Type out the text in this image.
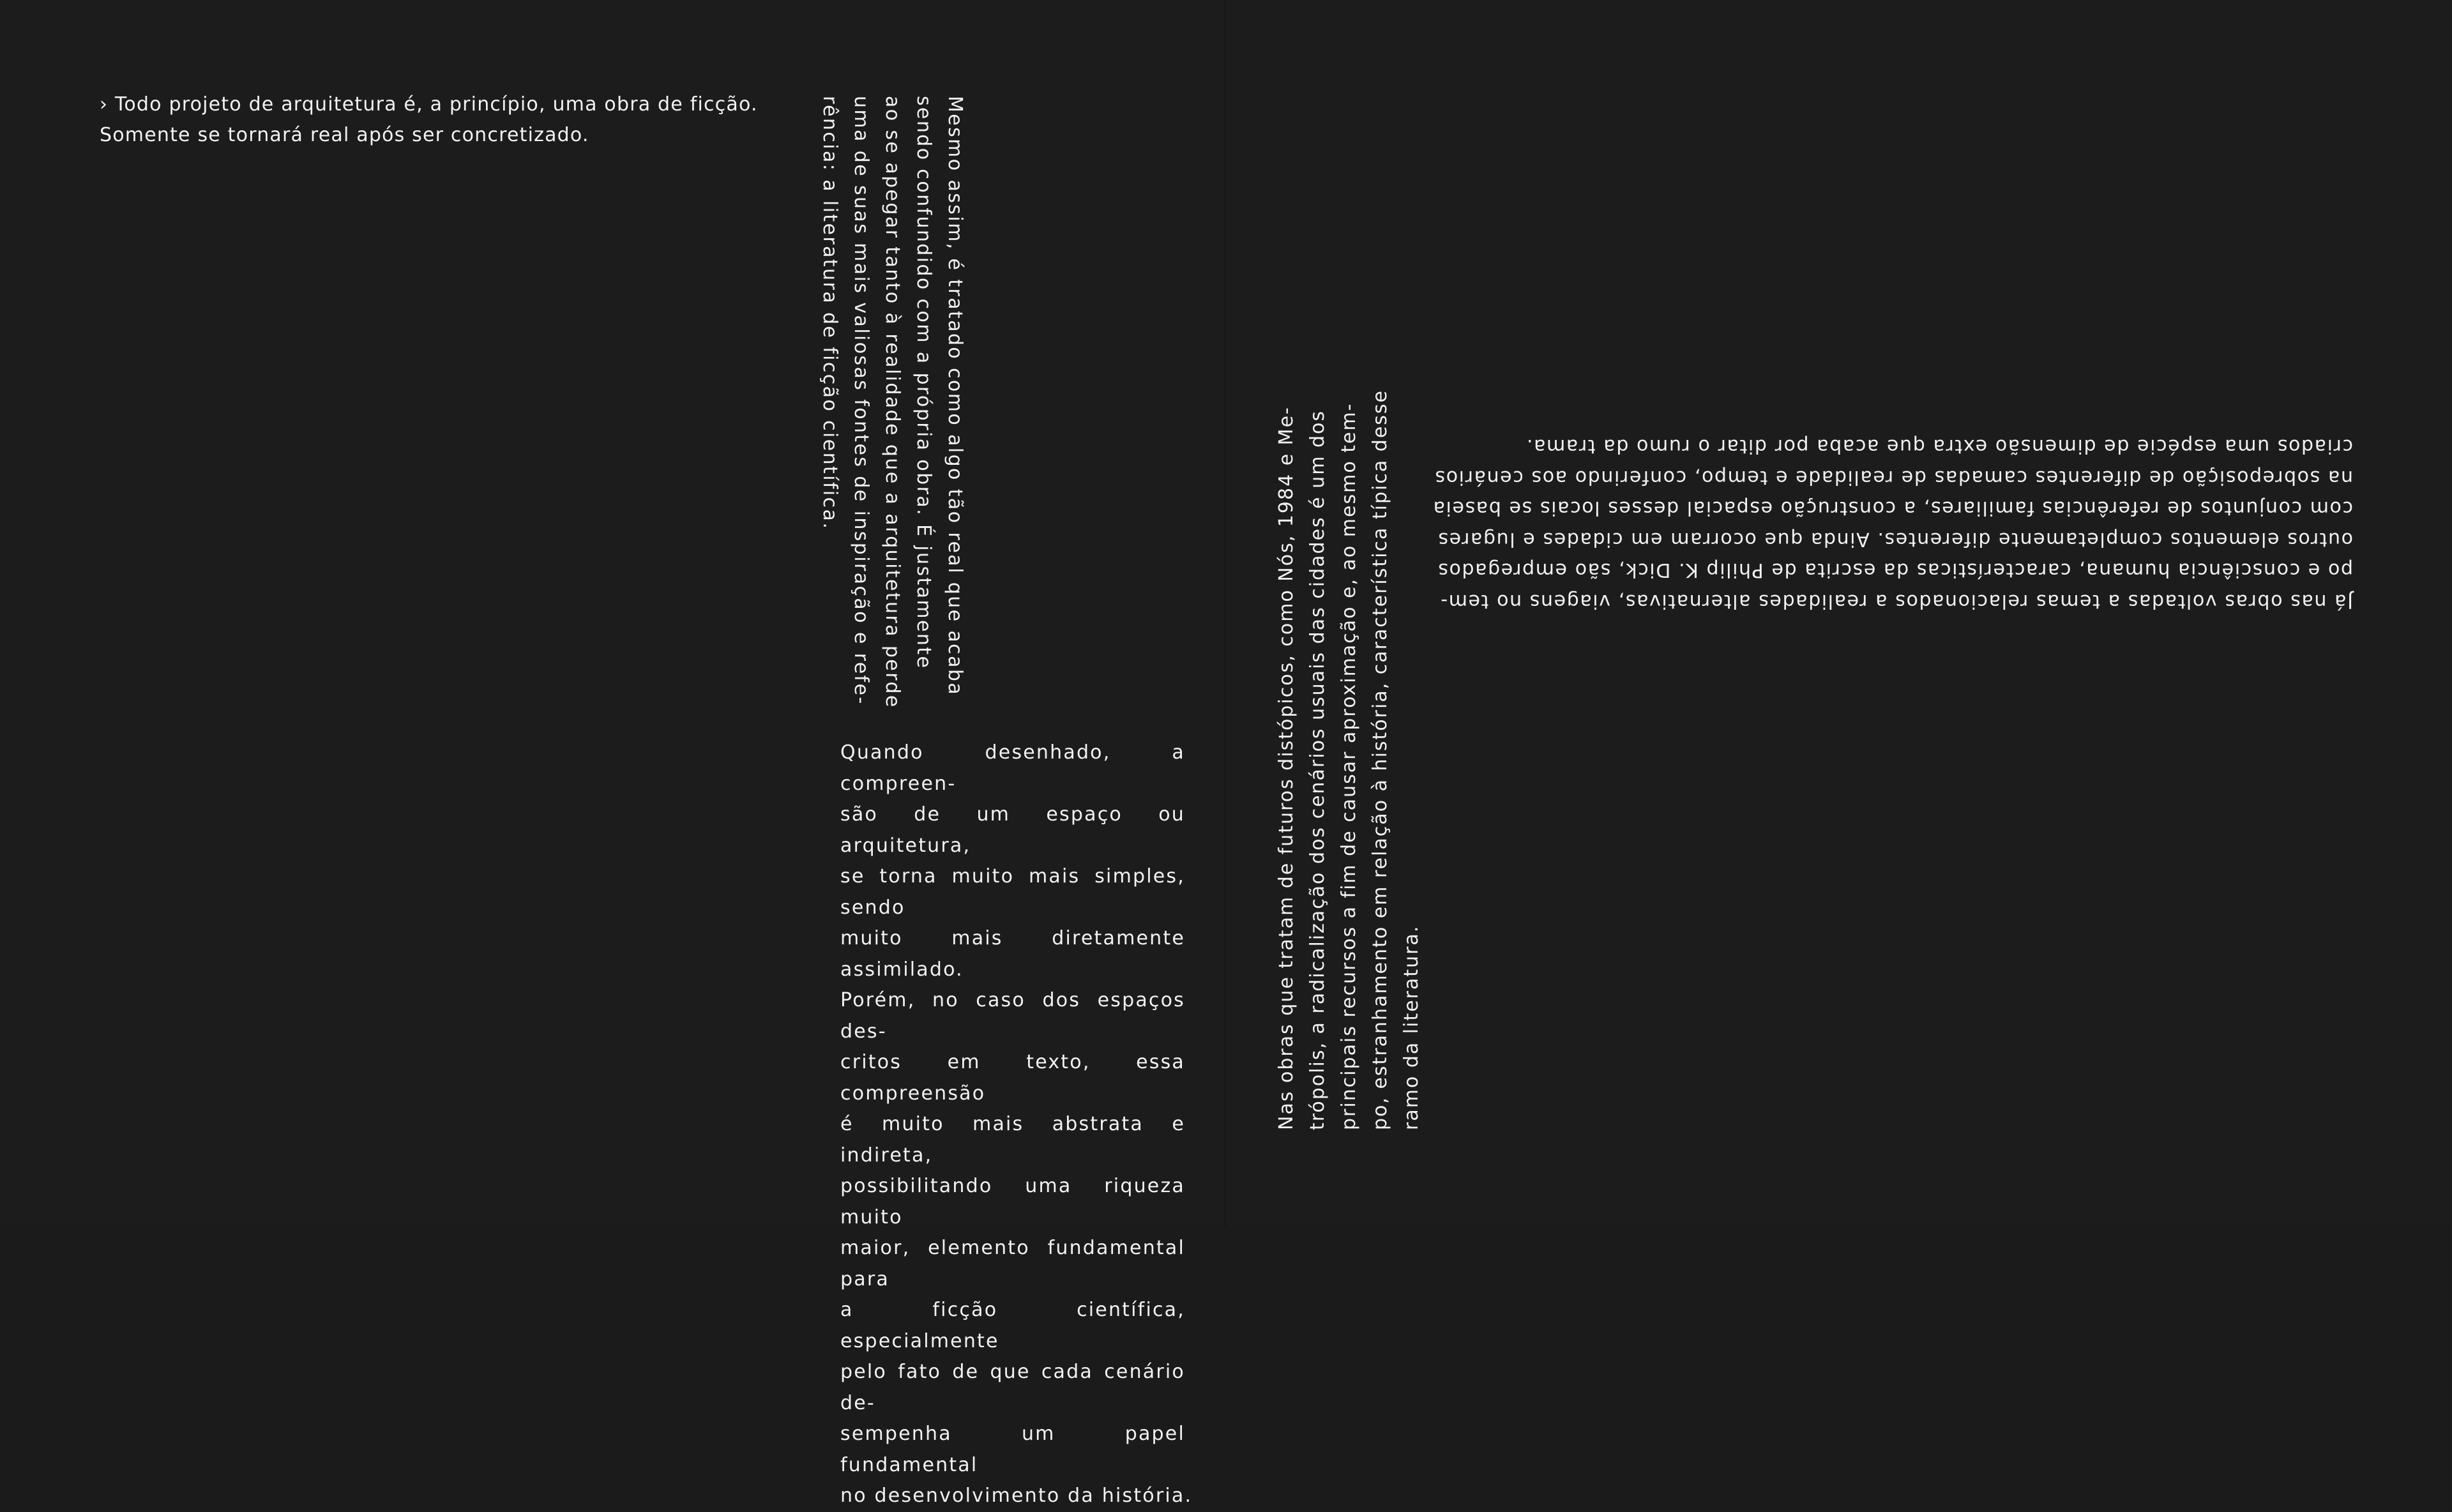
› Todo projeto de arquitetura é, a princípio, uma obra de ficção.

Somente se tornará real após ser concretizado.	Mesmo assim, é tratado como algo tão real que acaba

sendo confundido com a própria obra. É justamente

ao se apegar tanto à realidade que a arquitetura perde

uma de suas mais valiosas fontes de inspiração e refe-

rência: a literatura de ficção científica.

Quando desenhado, a compreen-

são de um espaço ou arquitetura,

se torna muito mais simples, sendo

muito mais diretamente assimilado.

Porém, no caso dos espaços des-

critos em texto, essa compreensão

é muito mais abstrata e indireta,

possibilitando uma riqueza muito

maior, elemento fundamental para

a ficção científica, especialmente

pelo fato de que cada cenário de-

sempenha um papel fundamental

no desenvolvimento da história.

Nas obras que tratam de futuros distópicos, como Nós, 1984 e Me- trópolis, a radicalização dos cenários usuais das cidades é um dos principais recursos a fim de causar aproximação e, ao mesmo tem- po, estranhamento em relação à história, característica típica desse ramo da literatura.

Já nas obras voltadas a temas relacionados a realidades alternativas, viagens no tem-

po e consciência humana, características da escrita de Philip K. Dick, são empregados

outros elementos completamente diferentes. Ainda que ocorram em cidades e lugares

com conjuntos de referências familiares, a construção espacial desses locais se baseia

na sobreposição de diferentes camadas de realidade e tempo, conferindo aos cenários

criados uma espécie de dimensão extra que acaba por ditar o rumo da trama.
